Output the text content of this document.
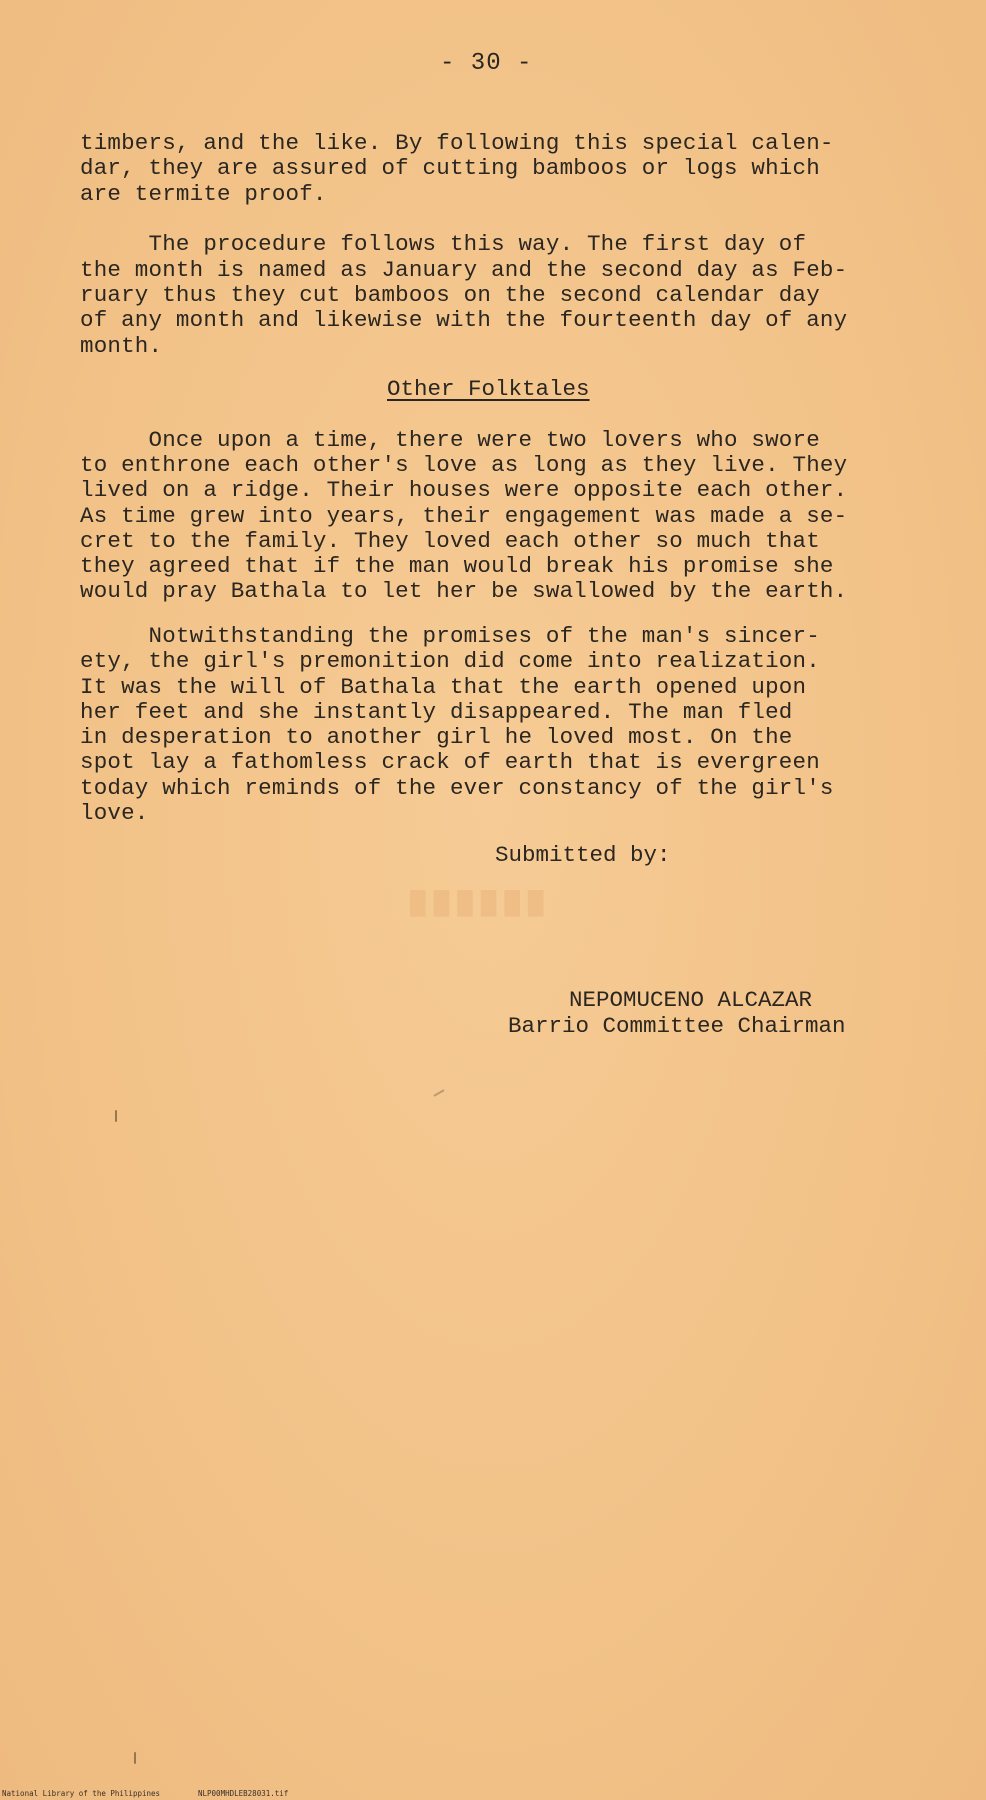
██████
- 30 -
timbers, and the like. By following this special calen-
dar, they are assured of cutting bamboos or logs which
are termite proof.
The procedure follows this way. The first day of
the month is named as January and the second day as Feb-
ruary thus they cut bamboos on the second calendar day
of any month and likewise with the fourteenth day of any
month.
Other Folktales
Once upon a time, there were two lovers who swore
to enthrone each other's love as long as they live. They
lived on a ridge. Their houses were opposite each other.
As time grew into years, their engagement was made a se-
cret to the family. They loved each other so much that
they agreed that if the man would break his promise she
would pray Bathala to let her be swallowed by the earth.
Notwithstanding the promises of the man's sincer-
ety, the girl's premonition did come into realization.
It was the will of Bathala that the earth opened upon
her feet and she instantly disappeared. The man fled
in desperation to another girl he loved most. On the
spot lay a fathomless crack of earth that is evergreen
today which reminds of the ever constancy of the girl's
love.
Submitted by:
NEPOMUCENO ALCAZAR
Barrio Committee Chairman
National Library of the Philippines	NLP00MHDLEB28031.tif
